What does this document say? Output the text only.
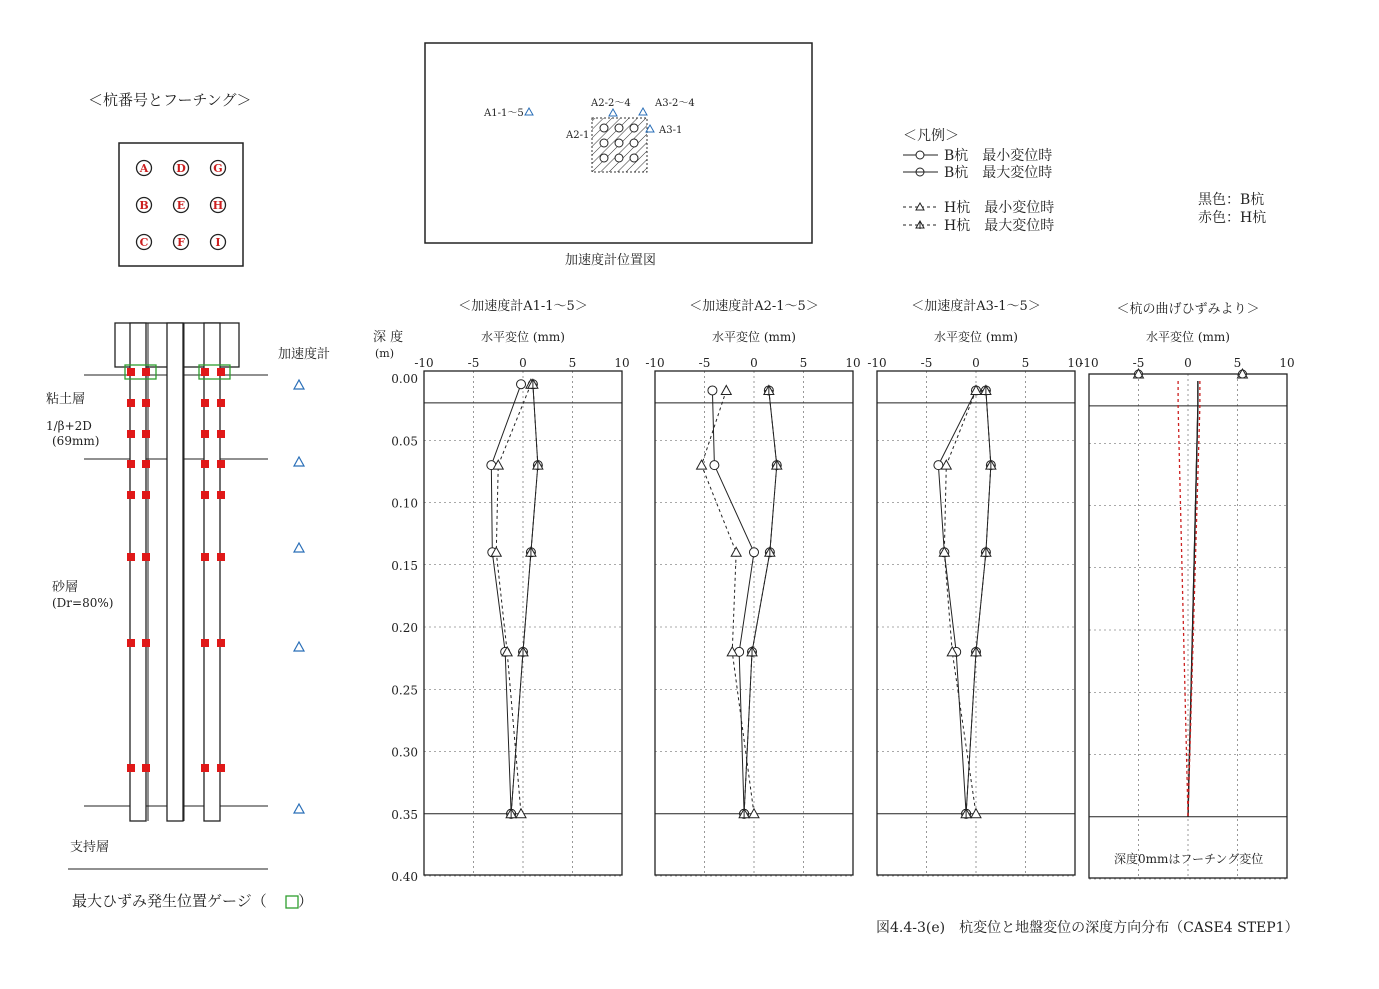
＜杭番号とフーチング＞
A	D	G
B	E	H
C	F	I
A1-1～5
A2-2～4 A3-2～4
A2-1	A3-1
加速度計位置図
＜凡例＞
B杭　最小変位時
B杭　最大変位時
H杭　最小変位時
H杭　最大変位時
黒色：B杭
赤色：H杭
加速度計
粘土層
1/β+2D
(69mm)
砂層
(Dr=80%)
支持層
最大ひずみ発生位置ゲージ（ ）
深 度
(m)
0.00
0.05
0.10
0.15
0.20
0.25
0.30
0.35
0.40
＜加速度計A1-1～5＞
水平変位 (mm)
-10	-5	0	5	10
＜加速度計A2-1～5＞
水平変位 (mm)
-10	-5	0	5	10
＜加速度計A3-1～5＞
水平変位 (mm)
-10	-5	0	5	10
＜杭の曲げひずみより＞
水平変位 (mm)
-10	-5	0	5	10
深度0mmはフーチング変位
図4.4-3(e)　杭変位と地盤変位の深度方向分布（CASE4 STEP1）
